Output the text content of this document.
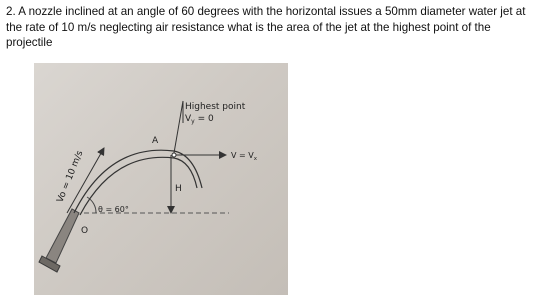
2. A nozzle inclined at an angle of 60 degrees with the horizontal issues a 50mm diameter water jet at
the rate of 10 m/s neglecting air resistance what is the area of the jet at the highest point of the
projectile

Highest point
$V_y = 0$
$V = V_x$
A
H
θ = 60°
O
Vo = 10 m/s
